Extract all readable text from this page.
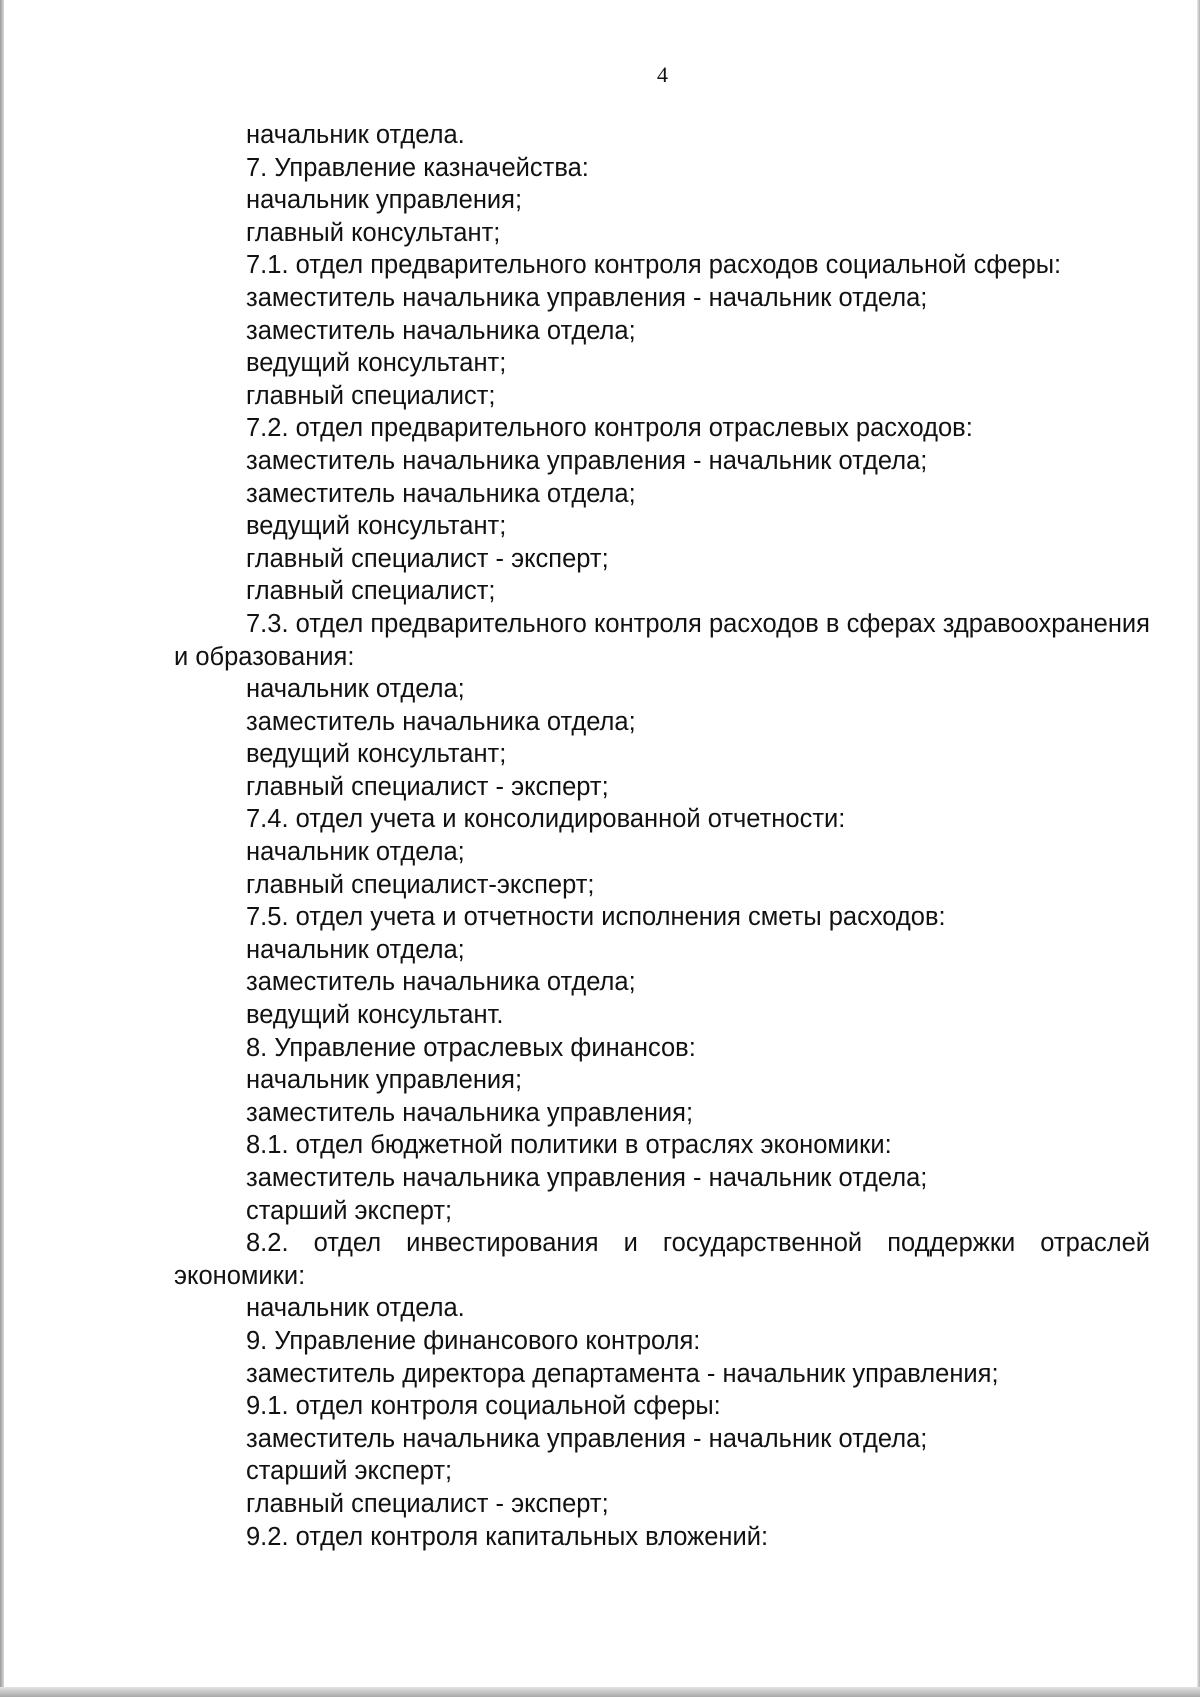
4
начальник отдела.
7. Управление казначейства:
начальник управления;
главный консультант;
7.1. отдел предварительного контроля расходов социальной сферы:
заместитель начальника управления - начальник отдела;
заместитель начальника отдела;
ведущий консультант;
главный специалист;
7.2. отдел предварительного контроля отраслевых расходов:
заместитель начальника управления - начальник отдела;
заместитель начальника отдела;
ведущий консультант;
главный специалист - эксперт;
главный специалист;
7.3. отдел предварительного контроля расходов в сферах здравоохранения и образования:
начальник отдела;
заместитель начальника отдела;
ведущий консультант;
главный специалист - эксперт;
7.4. отдел учета и консолидированной отчетности:
начальник отдела;
главный специалист-эксперт;
7.5. отдел учета и отчетности исполнения сметы расходов:
начальник отдела;
заместитель начальника отдела;
ведущий консультант.
8. Управление отраслевых финансов:
начальник управления;
заместитель начальника управления;
8.1. отдел бюджетной политики в отраслях экономики:
заместитель начальника управления - начальник отдела;
старший эксперт;
8.2. отдел инвестирования и государственной поддержки отраслей экономики:
начальник отдела.
9. Управление финансового контроля:
заместитель директора департамента - начальник управления;
9.1. отдел контроля социальной сферы:
заместитель начальника управления - начальник отдела;
старший эксперт;
главный специалист - эксперт;
9.2. отдел контроля капитальных вложений:
